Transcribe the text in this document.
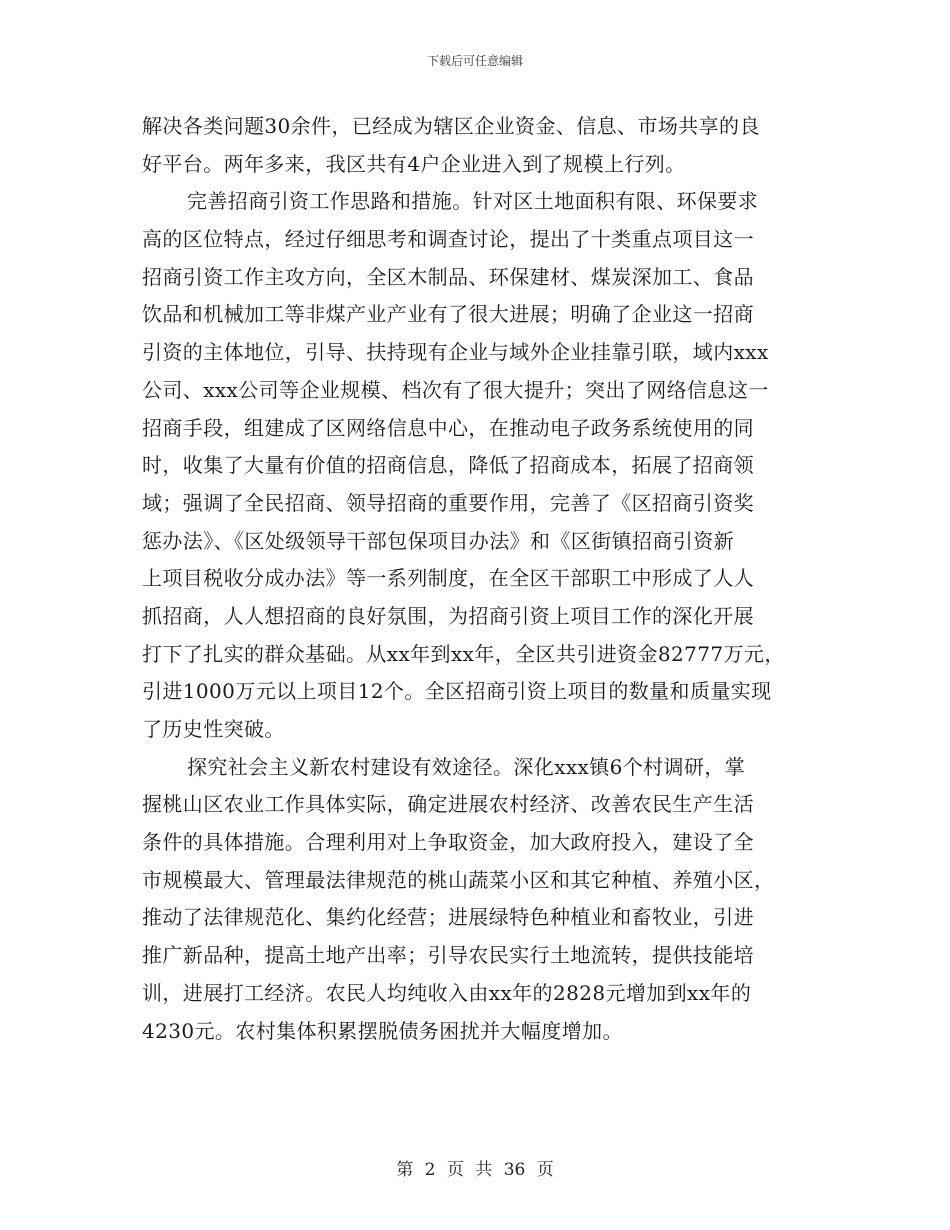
下载后可任意编辑
解决各类问题30余件，已经成为辖区企业资金、信息、市场共享的良
好平台。两年多来，我区共有4户企业进入到了规模上行列。
完善招商引资工作思路和措施。针对区土地面积有限、环保要求
高的区位特点，经过仔细思考和调查讨论，提出了十类重点项目这一
招商引资工作主攻方向，全区木制品、环保建材、煤炭深加工、食品
饮品和机械加工等非煤产业产业有了很大进展；明确了企业这一招商
引资的主体地位，引导、扶持现有企业与域外企业挂靠引联，域内xxx
公司、xxx公司等企业规模、档次有了很大提升；突出了网络信息这一
招商手段，组建成了区网络信息中心，在推动电子政务系统使用的同
时，收集了大量有价值的招商信息，降低了招商成本，拓展了招商领
域；强调了全民招商、领导招商的重要作用，完善了《区招商引资奖
惩办法》、《区处级领导干部包保项目办法》和《区街镇招商引资新
上项目税收分成办法》等一系列制度，在全区干部职工中形成了人人
抓招商，人人想招商的良好氛围，为招商引资上项目工作的深化开展
打下了扎实的群众基础。从xx年到xx年，全区共引进资金82777万元，
引进1000万元以上项目12个。全区招商引资上项目的数量和质量实现
了历史性突破。
探究社会主义新农村建设有效途径。深化xxx镇6个村调研，掌
握桃山区农业工作具体实际，确定进展农村经济、改善农民生产生活
条件的具体措施。合理利用对上争取资金，加大政府投入，建设了全
市规模最大、管理最法律规范的桃山蔬菜小区和其它种植、养殖小区，
推动了法律规范化、集约化经营；进展绿特色种植业和畜牧业，引进
推广新品种，提高土地产出率；引导农民实行土地流转，提供技能培
训，进展打工经济。农民人均纯收入由xx年的2828元增加到xx年的
4230元。农村集体积累摆脱债务困扰并大幅度增加。
第 2 页 共 36 页
